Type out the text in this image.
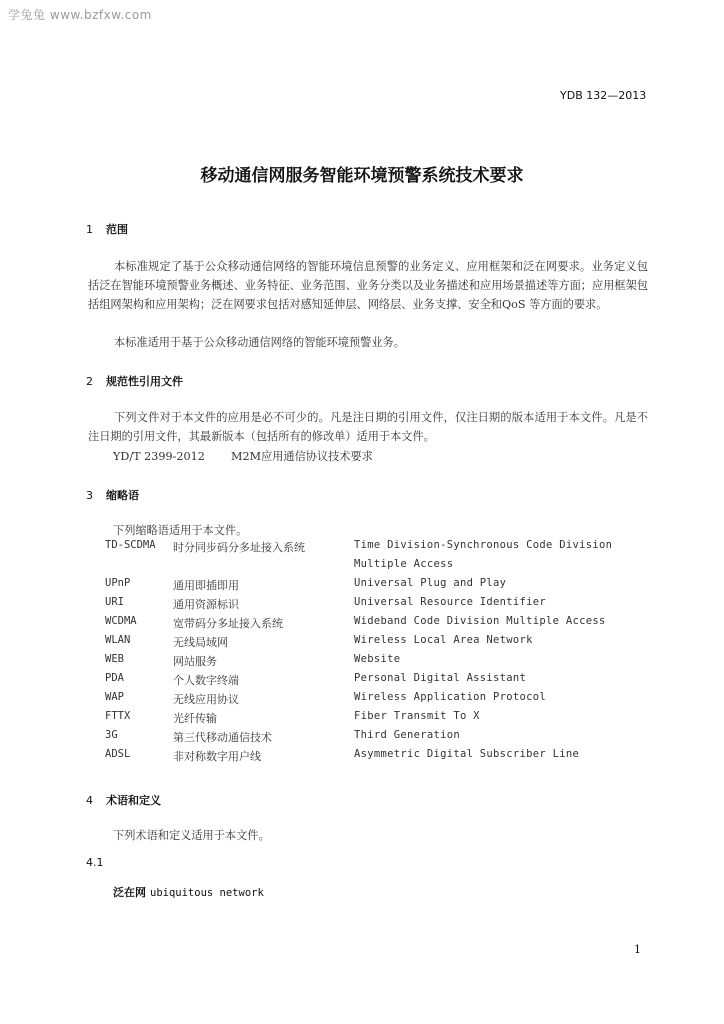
学兔兔 www.bzfxw.com
YDB 132—2013
移动通信网服务智能环境预警系统技术要求
1 范围
本标准规定了基于公众移动通信网络的智能环境信息预警的业务定义、应用框架和泛在网要求。业务定义包括泛在智能环境预警业务概述、业务特征、业务范围、业务分类以及业务描述和应用场景描述等方面；应用框架包括组网架构和应用架构；泛在网要求包括对感知延伸层、网络层、业务支撑、安全和QoS 等方面的要求。
本标准适用于基于公众移动通信网络的智能环境预警业务。
2 规范性引用文件
下列文件对于本文件的应用是必不可少的。凡是注日期的引用文件，仅注日期的版本适用于本文件。凡是不注日期的引用文件，其最新版本（包括所有的修改单）适用于本文件。
YD/T 2399-2012 M2M应用通信协议技术要求
3 缩略语
下列缩略语适用于本文件。
TD-SCDMA	时分同步码分多址接入系统	Time Division-Synchronous Code Division
		Multiple Access
UPnP	通用即插即用	Universal Plug and Play
URI	通用资源标识	Universal Resource Identifier
WCDMA	宽带码分多址接入系统	Wideband Code Division Multiple Access
WLAN	无线局域网	Wireless Local Area Network
WEB	网站服务	Website
PDA	个人数字终端	Personal Digital Assistant
WAP	无线应用协议	Wireless Application Protocol
FTTX	光纤传输	Fiber Transmit To X
3G	第三代移动通信技术	Third Generation
ADSL	非对称数字用户线	Asymmetric Digital Subscriber Line
4 术语和定义
下列术语和定义适用于本文件。
4.1
泛在网 ubiquitous network
1
